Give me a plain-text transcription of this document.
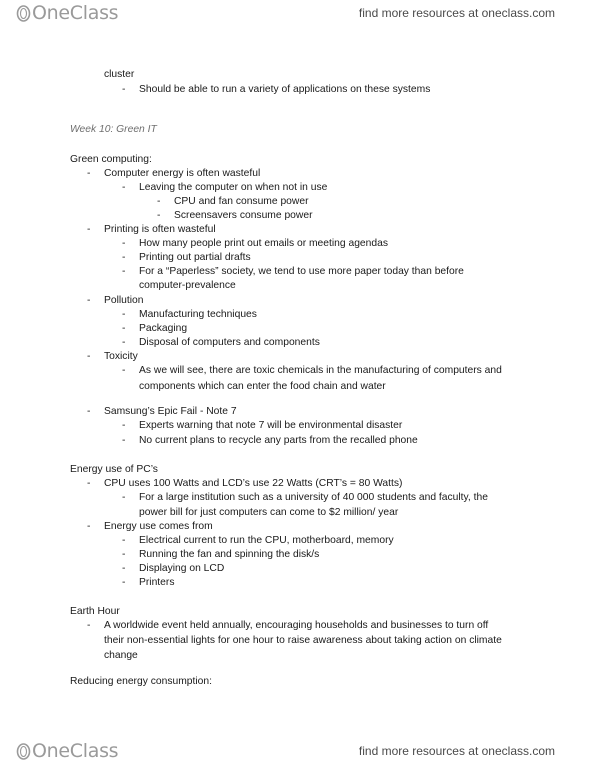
OneClass	find more resources at oneclass.com
cluster
- Should be able to run a variety of applications on these systems
Week 10: Green IT
Green computing:
- Computer energy is often wasteful
- Leaving the computer on when not in use
- CPU and fan consume power
- Screensavers consume power
- Printing is often wasteful
- How many people print out emails or meeting agendas
- Printing out partial drafts
- For a “Paperless” society, we tend to use more paper today than before
computer-prevalence
- Pollution
- Manufacturing techniques
- Packaging
- Disposal of computers and components
- Toxicity
- As we will see, there are toxic chemicals in the manufacturing of computers and
components which can enter the food chain and water
- Samsung’s Epic Fail - Note 7
- Experts warning that note 7 will be environmental disaster
- No current plans to recycle any parts from the recalled phone
Energy use of PC’s
- CPU uses 100 Watts and LCD’s use 22 Watts (CRT’s = 80 Watts)
- For a large institution such as a university of 40 000 students and faculty, the
power bill for just computers can come to $2 million/ year
- Energy use comes from
- Electrical current to run the CPU, motherboard, memory
- Running the fan and spinning the disk/s
- Displaying on LCD
- Printers
Earth Hour
- A worldwide event held annually, encouraging households and businesses to turn off
their non-essential lights for one hour to raise awareness about taking action on climate
change
Reducing energy consumption:
OneClass	find more resources at oneclass.com
